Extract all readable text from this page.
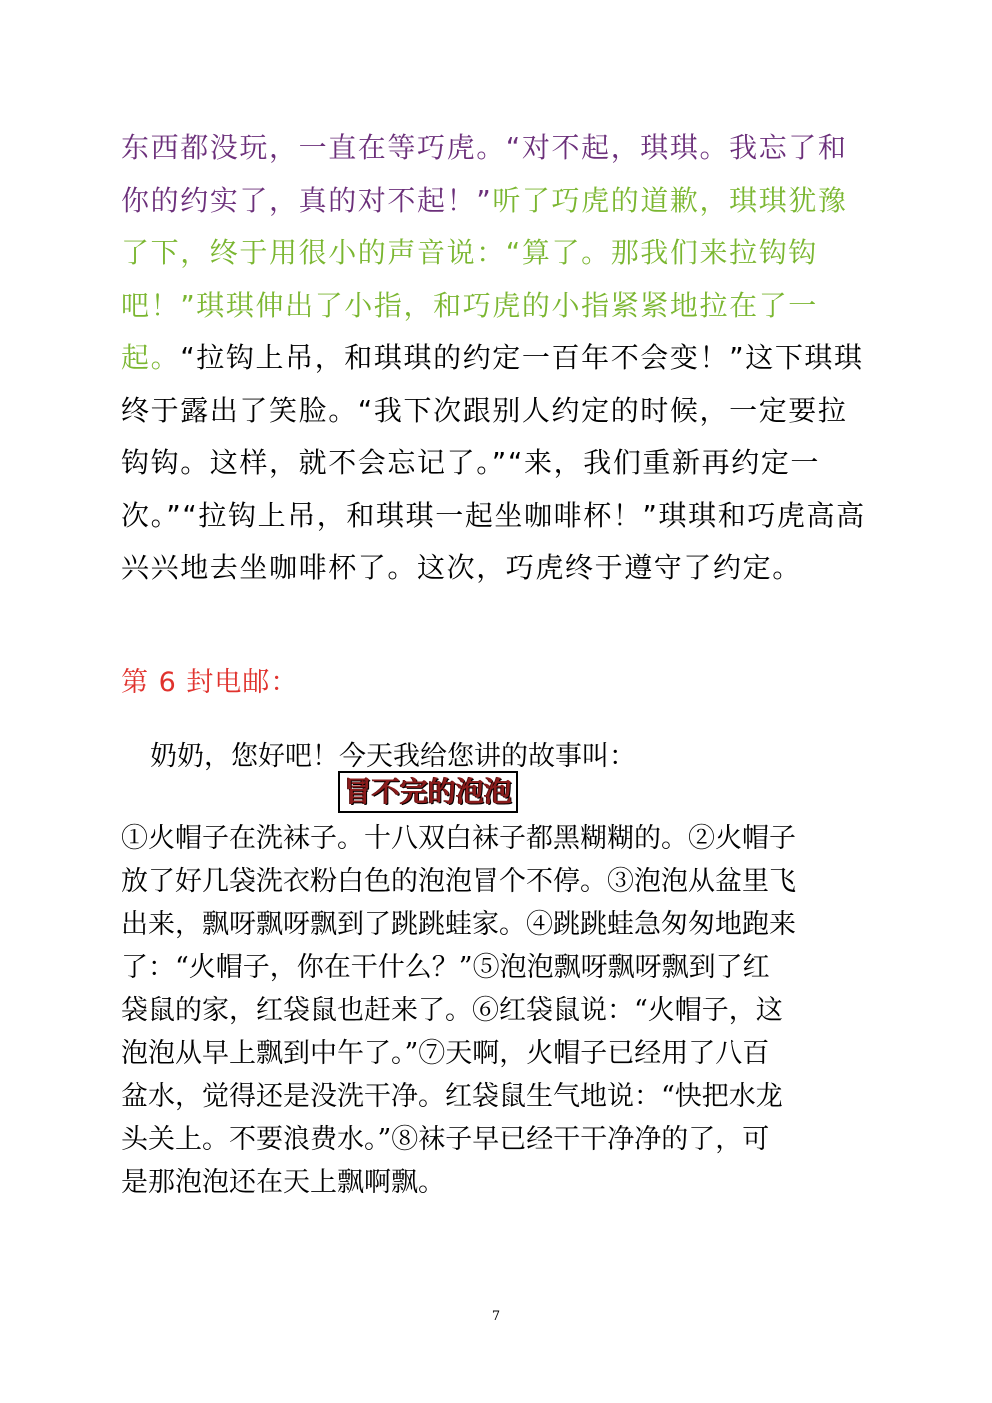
东西都没玩，一直在等巧虎。“对不起，琪琪。我忘了和
你的约实了，真的对不起！”听了巧虎的道歉，琪琪犹豫
了下，终于用很小的声音说：“算了。那我们来拉钩钩
吧！”琪琪伸出了小指，和巧虎的小指紧紧地拉在了一
起。“拉钩上吊，和琪琪的约定一百年不会变！”这下琪琪
终于露出了笑脸。“我下次跟别人约定的时候，一定要拉
钩钩。这样，就不会忘记了。”“来，我们重新再约定一
次。”“拉钩上吊，和琪琪一起坐咖啡杯！”琪琪和巧虎高高
兴兴地去坐咖啡杯了。这次，巧虎终于遵守了约定。
第 6 封电邮：
奶奶，您好吧！今天我给您讲的故事叫：
冒不完的泡泡
①火帽子在洗袜子。十八双白袜子都黑糊糊的。②火帽子
放了好几袋洗衣粉白色的泡泡冒个不停。③泡泡从盆里飞
出来，飘呀飘呀飘到了跳跳蛙家。④跳跳蛙急匆匆地跑来
了：“火帽子，你在干什么？”⑤泡泡飘呀飘呀飘到了红
袋鼠的家，红袋鼠也赶来了。⑥红袋鼠说：“火帽子，这
泡泡从早上飘到中午了。”⑦天啊，火帽子已经用了八百
盆水，觉得还是没洗干净。红袋鼠生气地说：“快把水龙
头关上。不要浪费水。”⑧袜子早已经干干净净的了，可
是那泡泡还在天上飘啊飘。
7
